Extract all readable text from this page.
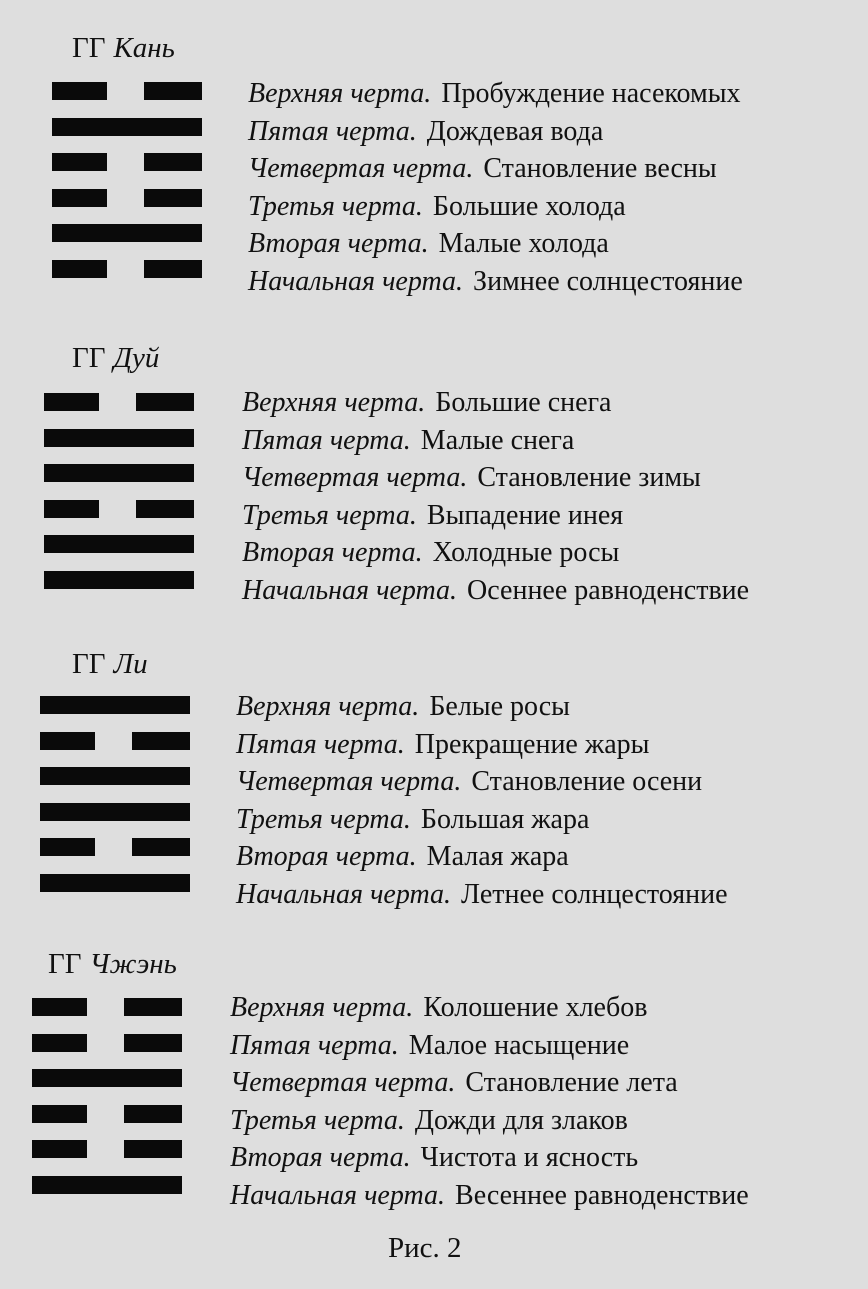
ГГ Кань
Верхняя черта. Пробуждение насекомых
Пятая черта. Дождевая вода
Четвертая черта. Становление весны
Третья черта. Большие холода
Вторая черта. Малые холода
Начальная черта. Зимнее солнцестояние
ГГ Дуй
Верхняя черта. Большие снега
Пятая черта. Малые снега
Четвертая черта. Становление зимы
Третья черта. Выпадение инея
Вторая черта. Холодные росы
Начальная черта. Осеннее равноденствие
ГГ Ли
Верхняя черта. Белые росы
Пятая черта. Прекращение жары
Четвертая черта. Становление осени
Третья черта. Большая жара
Вторая черта. Малая жара
Начальная черта. Летнее солнцестояние
ГГ Чжэнь
Верхняя черта. Колошение хлебов
Пятая черта. Малое насыщение
Четвертая черта. Становление лета
Третья черта. Дожди для злаков
Вторая черта. Чистота и ясность
Начальная черта. Весеннее равноденствие
Рис. 2
